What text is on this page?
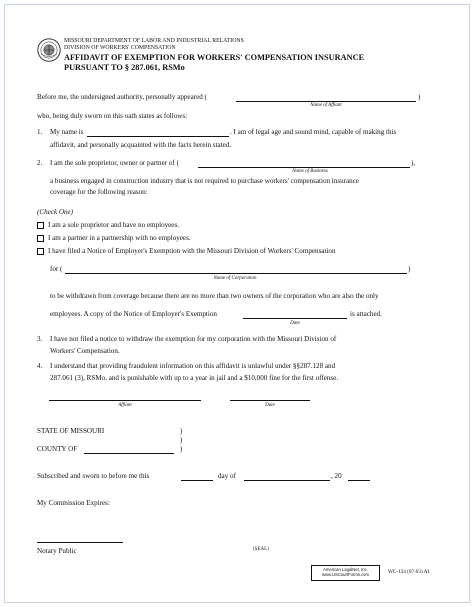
MISSOURI DEPARTMENT OF LABOR AND INDUSTRIAL RELATIONS
DIVISION OF WORKERS' COMPENSATION
AFFIDAVIT OF EXEMPTION FOR WORKERS' COMPENSATION INSURANCE
PURSUANT TO § 287.061, RSMo
Before me, the undersigned authority, personally appeared (	)
Name of Affiant
who, being duly sworn on this oath states as follows:
1. My name is	. I am of legal age and sound mind, capable of making this
affidavit, and personally acquainted with the facts herein stated.
2. I am the sole proprietor, owner or partner of (	),
Name of Business
a business engaged in construction industry that is not required to purchase workers' compensation insurance
coverage for the following reason:
(Check One)
I am a sole proprietor and have no employees.
I am a partner in a partnership with no employees.
I have filed a Notice of Employer's Exemption with the Missouri Division of Workers' Compensation
for (	)
Name of Corporation
to be withdrawn from coverage because there are no more than two owners of the corporation who are also the only
employees. A copy of the Notice of Employer's Exemption	is attached.
Date
3. I have not filed a notice to withdraw the exemption for my corporation with the Missouri Division of
Workers' Compensation.
4. I understand that providing fraudulent information on this affidavit is unlawful under §§287.128 and
287.061 (3), RSMo, and is punishable with up to a year in jail and a $10,000 fine for the first offense.
Affiant	Date
STATE OF MISSOURI	)
)
COUNTY OF	)
Subscribed and sworn to before me this	day of	, 20
My Commission Expires:
Notary Public	(SEAL)
American LegalNet, Inc.
www.USCourtForms.com	WC-134 (07-03) AI
